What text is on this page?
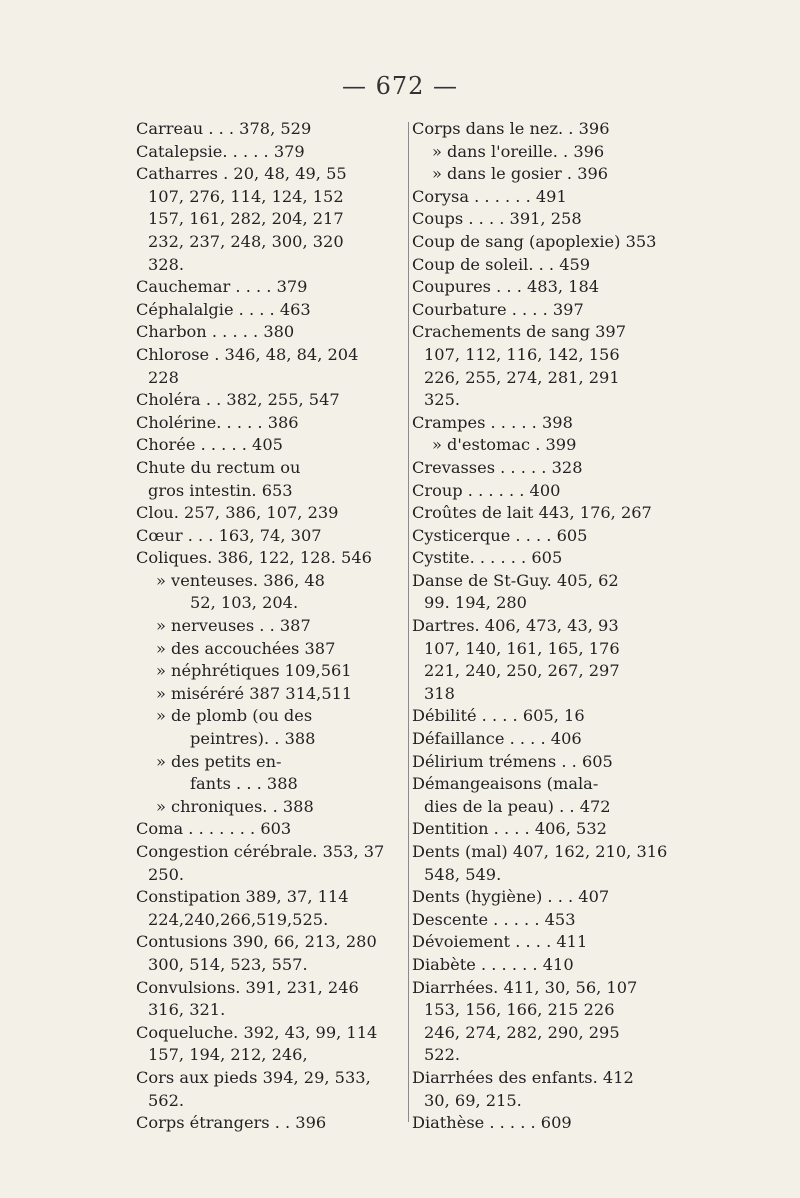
— 672 —
Carreau . . . 378, 529
Catalepsie. . . . . 379
Catharres . 20, 48, 49, 55
107, 276, 114, 124, 152
157, 161, 282, 204, 217
232, 237, 248, 300, 320
328.
Cauchemar . . . . 379
Céphalalgie . . . . 463
Charbon . . . . . 380
Chlorose . 346, 48, 84, 204
228
Choléra . . 382, 255, 547
Cholérine. . . . . 386
Chorée . . . . . 405
Chute du rectum ou
gros intestin. 653
Clou. 257, 386, 107, 239
Cœur . . . 163, 74, 307
Coliques. 386, 122, 128. 546
» venteuses. 386, 48
52, 103, 204.
» nerveuses . . 387
» des accouchées 387
» néphrétiques 109,561
» miséréré 387 314,511
» de plomb (ou des
peintres). . 388
» des petits en-
fants . . . 388
» chroniques. . 388
Coma . . . . . . . 603
Congestion cérébrale. 353, 37
250.
Constipation 389, 37, 114
224,240,266,519,525.
Contusions 390, 66, 213, 280
300, 514, 523, 557.
Convulsions. 391, 231, 246
316, 321.
Coqueluche. 392, 43, 99, 114
157, 194, 212, 246,
Cors aux pieds 394, 29, 533,
562.
Corps étrangers . . 396
Corps dans le nez. . 396
» dans l'oreille. . 396
» dans le gosier . 396
Corysa . . . . . . 491
Coups . . . . 391, 258
Coup de sang (apoplexie) 353
Coup de soleil. . . 459
Coupures . . . 483, 184
Courbature . . . . 397
Crachements de sang 397
107, 112, 116, 142, 156
226, 255, 274, 281, 291
325.
Crampes . . . . . 398
» d'estomac . 399
Crevasses . . . . . 328
Croup . . . . . . 400
Croûtes de lait 443, 176, 267
Cysticerque . . . . 605
Cystite. . . . . . 605
Danse de St-Guy. 405, 62
99. 194, 280
Dartres. 406, 473, 43, 93
107, 140, 161, 165, 176
221, 240, 250, 267, 297
318
Débilité . . . . 605, 16
Défaillance . . . . 406
Délirium trémens . . 605
Démangeaisons (mala-
dies de la peau) . . 472
Dentition . . . . 406, 532
Dents (mal) 407, 162, 210, 316
548, 549.
Dents (hygiène) . . . 407
Descente . . . . . 453
Dévoiement . . . . 411
Diabète . . . . . . 410
Diarrhées. 411, 30, 56, 107
153, 156, 166, 215 226
246, 274, 282, 290, 295
522.
Diarrhées des enfants. 412
30, 69, 215.
Diathèse . . . . . 609
